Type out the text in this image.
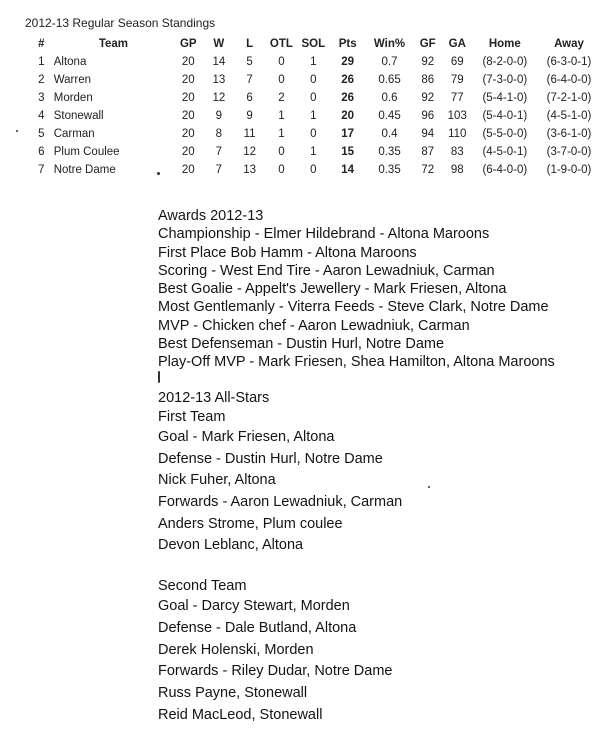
2012-13 Regular Season Standings
#	Team	GP	W	L	OTL	SOL	Pts	Win%	GF	GA	Home	Away
1	Altona	20	14	5	0	1	29	0.7	92	69	(8-2-0-0)	(6-3-0-1)
2	Warren	20	13	7	0	0	26	0.65	86	79	(7-3-0-0)	(6-4-0-0)
3	Morden	20	12	6	2	0	26	0.6	92	77	(5-4-1-0)	(7-2-1-0)
4	Stonewall	20	9	9	1	1	20	0.45	96	103	(5-4-0-1)	(4-5-1-0)
5	Carman	20	8	11	1	0	17	0.4	94	110	(5-5-0-0)	(3-6-1-0)
6	Plum Coulee	20	7	12	0	1	15	0.35	87	83	(4-5-0-1)	(3-7-0-0)
7	Notre Dame	20	7	13	0	0	14	0.35	72	98	(6-4-0-0)	(1-9-0-0)
Awards 2012-13
Championship - Elmer Hildebrand - Altona Maroons
First Place Bob Hamm - Altona Maroons
Scoring - West End Tire - Aaron Lewadniuk, Carman
Best Goalie - Appelt's Jewellery - Mark Friesen, Altona
Most Gentlemanly - Viterra Feeds - Steve Clark, Notre Dame
MVP - Chicken chef - Aaron Lewadniuk, Carman
Best Defenseman - Dustin Hurl, Notre Dame
Play-Off MVP - Mark Friesen, Shea Hamilton, Altona Maroons
2012-13 All-Stars
First Team
Goal - Mark Friesen, Altona
Defense - Dustin Hurl, Notre Dame
Nick Fuher, Altona
Forwards - Aaron Lewadniuk, Carman
Anders Strome, Plum coulee
Devon Leblanc, Altona
Second Team
Goal - Darcy Stewart, Morden
Defense - Dale Butland, Altona
Derek Holenski, Morden
Forwards - Riley Dudar, Notre Dame
Russ Payne, Stonewall
Reid MacLeod, Stonewall
